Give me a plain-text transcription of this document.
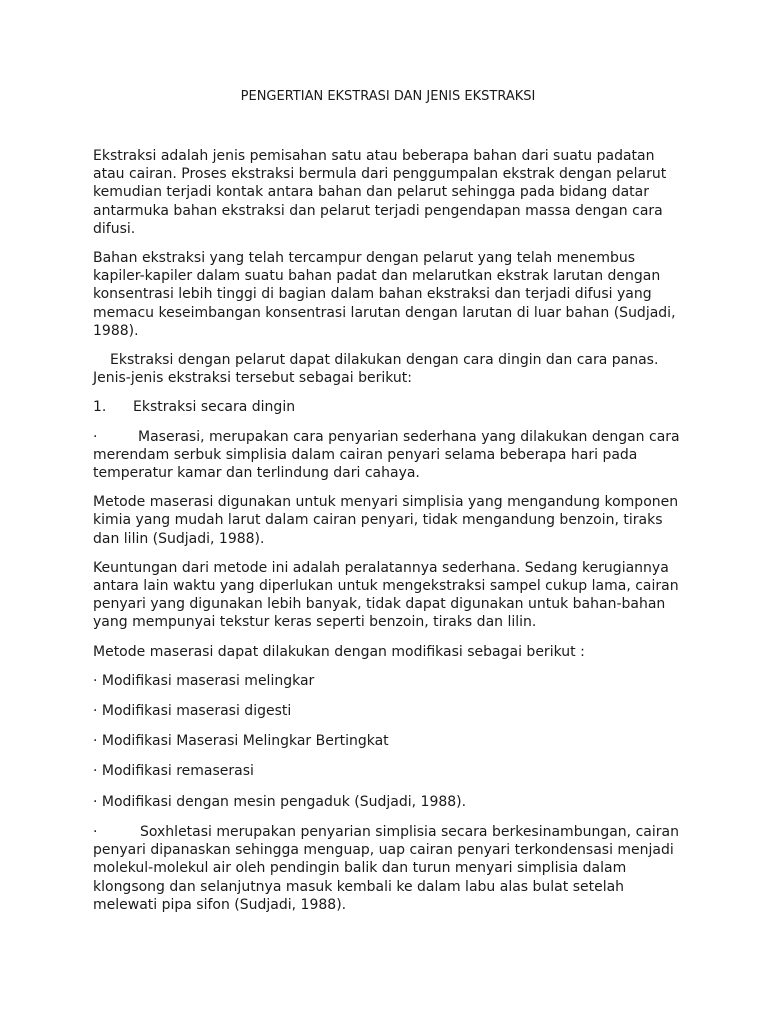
PENGERTIAN EKSTRASI DAN JENIS EKSTRAKSI
Ekstraksi adalah jenis pemisahan satu atau beberapa bahan dari suatu padatan atau cairan. Proses ekstraksi bermula dari penggumpalan ekstrak dengan pelarut kemudian terjadi kontak antara bahan dan pelarut sehingga pada bidang datar antarmuka bahan ekstraksi dan pelarut terjadi pengendapan massa dengan cara difusi.
Bahan ekstraksi yang telah tercampur dengan pelarut yang telah menembus kapiler-kapiler dalam suatu bahan padat dan melarutkan ekstrak larutan dengan konsentrasi lebih tinggi di bagian dalam bahan ekstraksi dan terjadi difusi yang memacu keseimbangan konsentrasi larutan dengan larutan di luar bahan (Sudjadi, 1988).
Ekstraksi dengan pelarut dapat dilakukan dengan cara dingin dan cara panas. Jenis-jenis ekstraksi tersebut sebagai berikut:
1. Ekstraksi secara dingin
·	Maserasi, merupakan cara penyarian sederhana yang dilakukan dengan cara merendam serbuk simplisia dalam cairan penyari selama beberapa hari pada temperatur kamar dan terlindung dari cahaya.
Metode maserasi digunakan untuk menyari simplisia yang mengandung komponen kimia yang mudah larut dalam cairan penyari, tidak mengandung benzoin, tiraks dan lilin (Sudjadi, 1988).
Keuntungan dari metode ini adalah peralatannya sederhana. Sedang kerugiannya antara lain waktu yang diperlukan untuk mengekstraksi sampel cukup lama, cairan penyari yang digunakan lebih banyak, tidak dapat digunakan untuk bahan-bahan yang mempunyai tekstur keras seperti benzoin, tiraks dan lilin.
Metode maserasi dapat dilakukan dengan modifikasi sebagai berikut :
· Modifikasi maserasi melingkar
· Modifikasi maserasi digesti
· Modifikasi Maserasi Melingkar Bertingkat
· Modifikasi remaserasi
· Modifikasi dengan mesin pengaduk (Sudjadi, 1988).
·	Soxhletasi merupakan penyarian simplisia secara berkesinambungan, cairan penyari dipanaskan sehingga menguap, uap cairan penyari terkondensasi menjadi molekul-molekul air oleh pendingin balik dan turun menyari simplisia dalam klongsong dan selanjutnya masuk kembali ke dalam labu alas bulat setelah melewati pipa sifon (Sudjadi, 1988).
